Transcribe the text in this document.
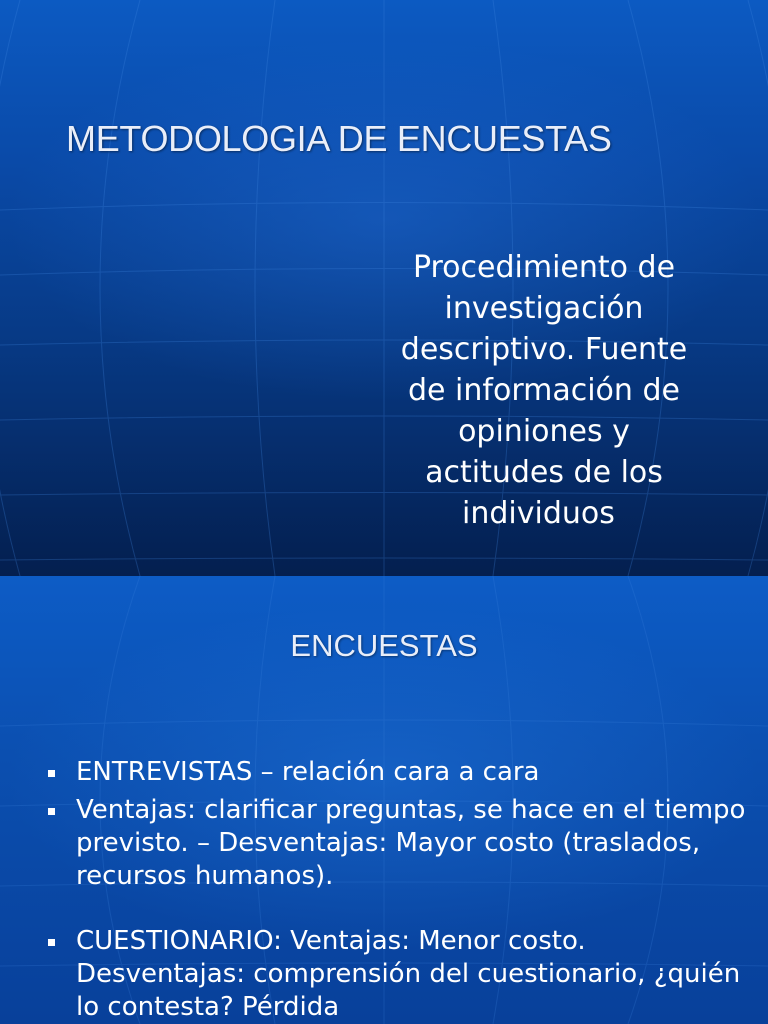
METODOLOGIA DE ENCUESTAS

Procedimiento de
investigación
descriptivo. Fuente
de información de
opiniones y
actitudes de los
individuos

ENCUESTAS
ENTREVISTAS – relación cara a cara
Ventajas: clarificar preguntas, se hace en el tiempo previsto. – Desventajas: Mayor costo (traslados, recursos humanos).
CUESTIONARIO: Ventajas: Menor costo. Desventajas: comprensión del cuestionario, ¿quién lo contesta? Pérdida
